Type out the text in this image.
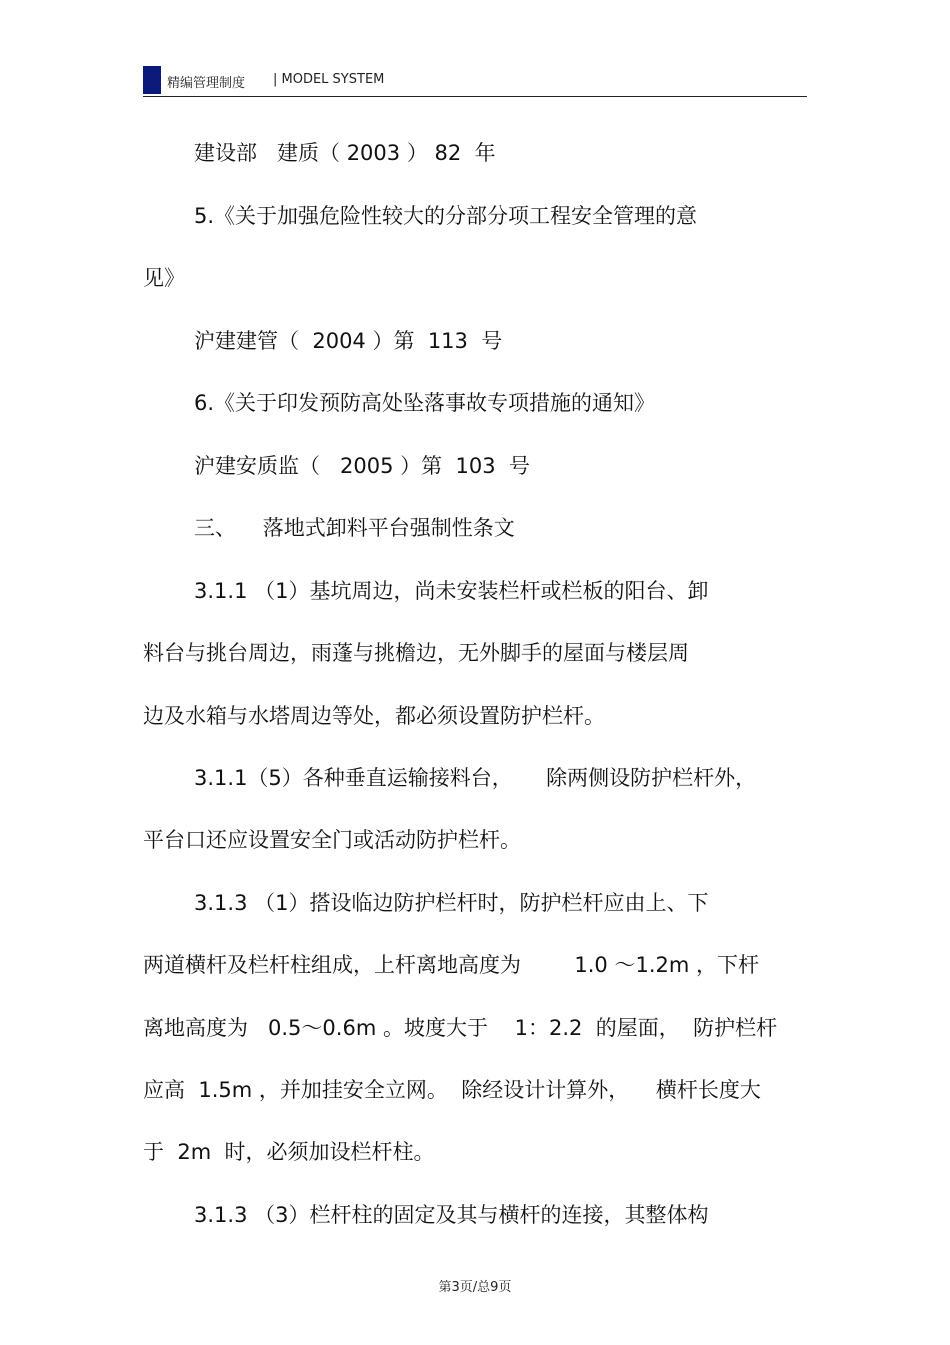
精编管理制度 | MODEL SYSTEM
建设部   建质（ 2003 ） 82  年
5.《关于加强危险性较大的分部分项工程安全管理的意
见》
沪建建管（  2004 ）第  113  号
6.《关于印发预防高处坠落事故专项措施的通知》
沪建安质监（   2005 ）第  103  号
三、    落地式卸料平台强制性条文
3.1.1 （1）基坑周边，尚未安装栏杆或栏板的阳台、卸
料台与挑台周边，雨蓬与挑檐边，无外脚手的屋面与楼层周
边及水箱与水塔周边等处，都必须设置防护栏杆。
3.1.1（5）各种垂直运输接料台，     除两侧设防护栏杆外，
平台口还应设置安全门或活动防护栏杆。
3.1.3 （1）搭设临边防护栏杆时，防护栏杆应由上、下
两道横杆及栏杆柱组成，上杆离地高度为        1.0 ～1.2m ，下杆
离地高度为   0.5～0.6m 。坡度大于    1：2.2  的屋面，  防护栏杆
应高  1.5m ，并加挂安全立网。  除经设计计算外，    横杆长度大
于  2m  时，必须加设栏杆柱。
3.1.3 （3）栏杆柱的固定及其与横杆的连接，其整体构
第3页/总9页
